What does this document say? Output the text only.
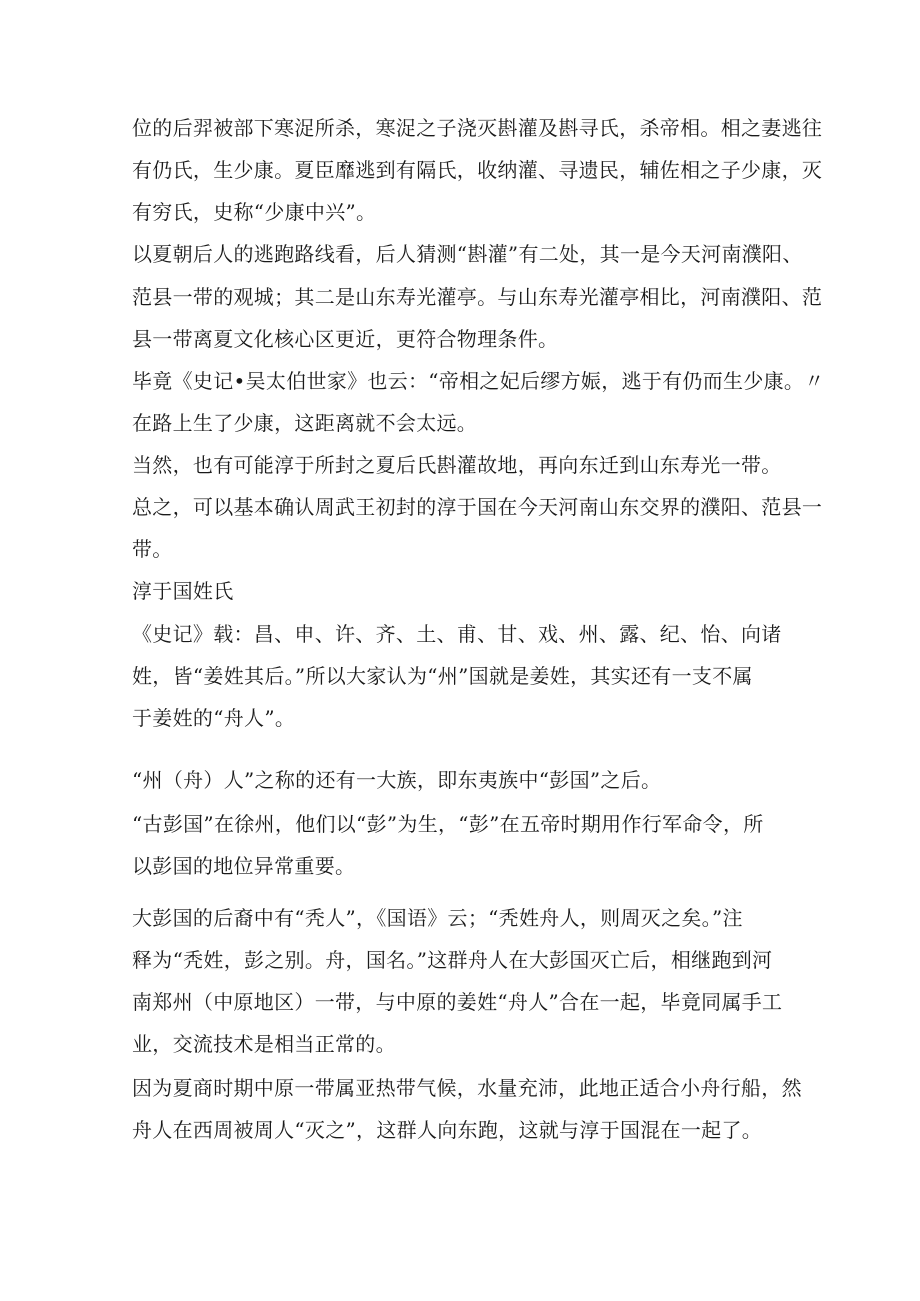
位的后羿被部下寒浞所杀，寒浞之子浇灭斟灌及斟寻氏，杀帝相。相之妻逃往

有仍氏，生少康。夏臣靡逃到有隔氏，收纳灌、寻遗民，辅佐相之子少康，灭

有穷氏，史称“少康中兴”。

以夏朝后人的逃跑路线看，后人猜测“斟灌”有二处，其一是今天河南濮阳、

范县一带的观城；其二是山东寿光灌亭。与山东寿光灌亭相比，河南濮阳、范

县一带离夏文化核心区更近，更符合物理条件。

毕竟《史记•吴太伯世家》也云：“帝相之妃后缪方娠，逃于有仍而生少康。〃

在路上生了少康，这距离就不会太远。

当然，也有可能淳于所封之夏后氏斟灌故地，再向东迁到山东寿光一带。

总之，可以基本确认周武王初封的淳于国在今天河南山东交界的濮阳、范县一

带。

淳于国姓氏

《史记》载：昌、申、许、齐、土、甫、甘、戏、州、露、纪、怡、向诸

姓，皆“姜姓其后。”所以大家认为“州”国就是姜姓，其实还有一支不属

于姜姓的“舟人”。

“州（舟）人”之称的还有一大族，即东夷族中“彭国”之后。

“古彭国”在徐州，他们以“彭”为生，“彭”在五帝时期用作行军命令，所

以彭国的地位异常重要。

大彭国的后裔中有“秃人”，《国语》云；“秃姓舟人，则周灭之矣。”注

释为“秃姓，彭之别。舟，国名。”这群舟人在大彭国灭亡后，相继跑到河

南郑州（中原地区）一带，与中原的姜姓“舟人”合在一起，毕竟同属手工

业，交流技术是相当正常的。

因为夏商时期中原一带属亚热带气候，水量充沛，此地正适合小舟行船，然

舟人在西周被周人“灭之”，这群人向东跑，这就与淳于国混在一起了。
